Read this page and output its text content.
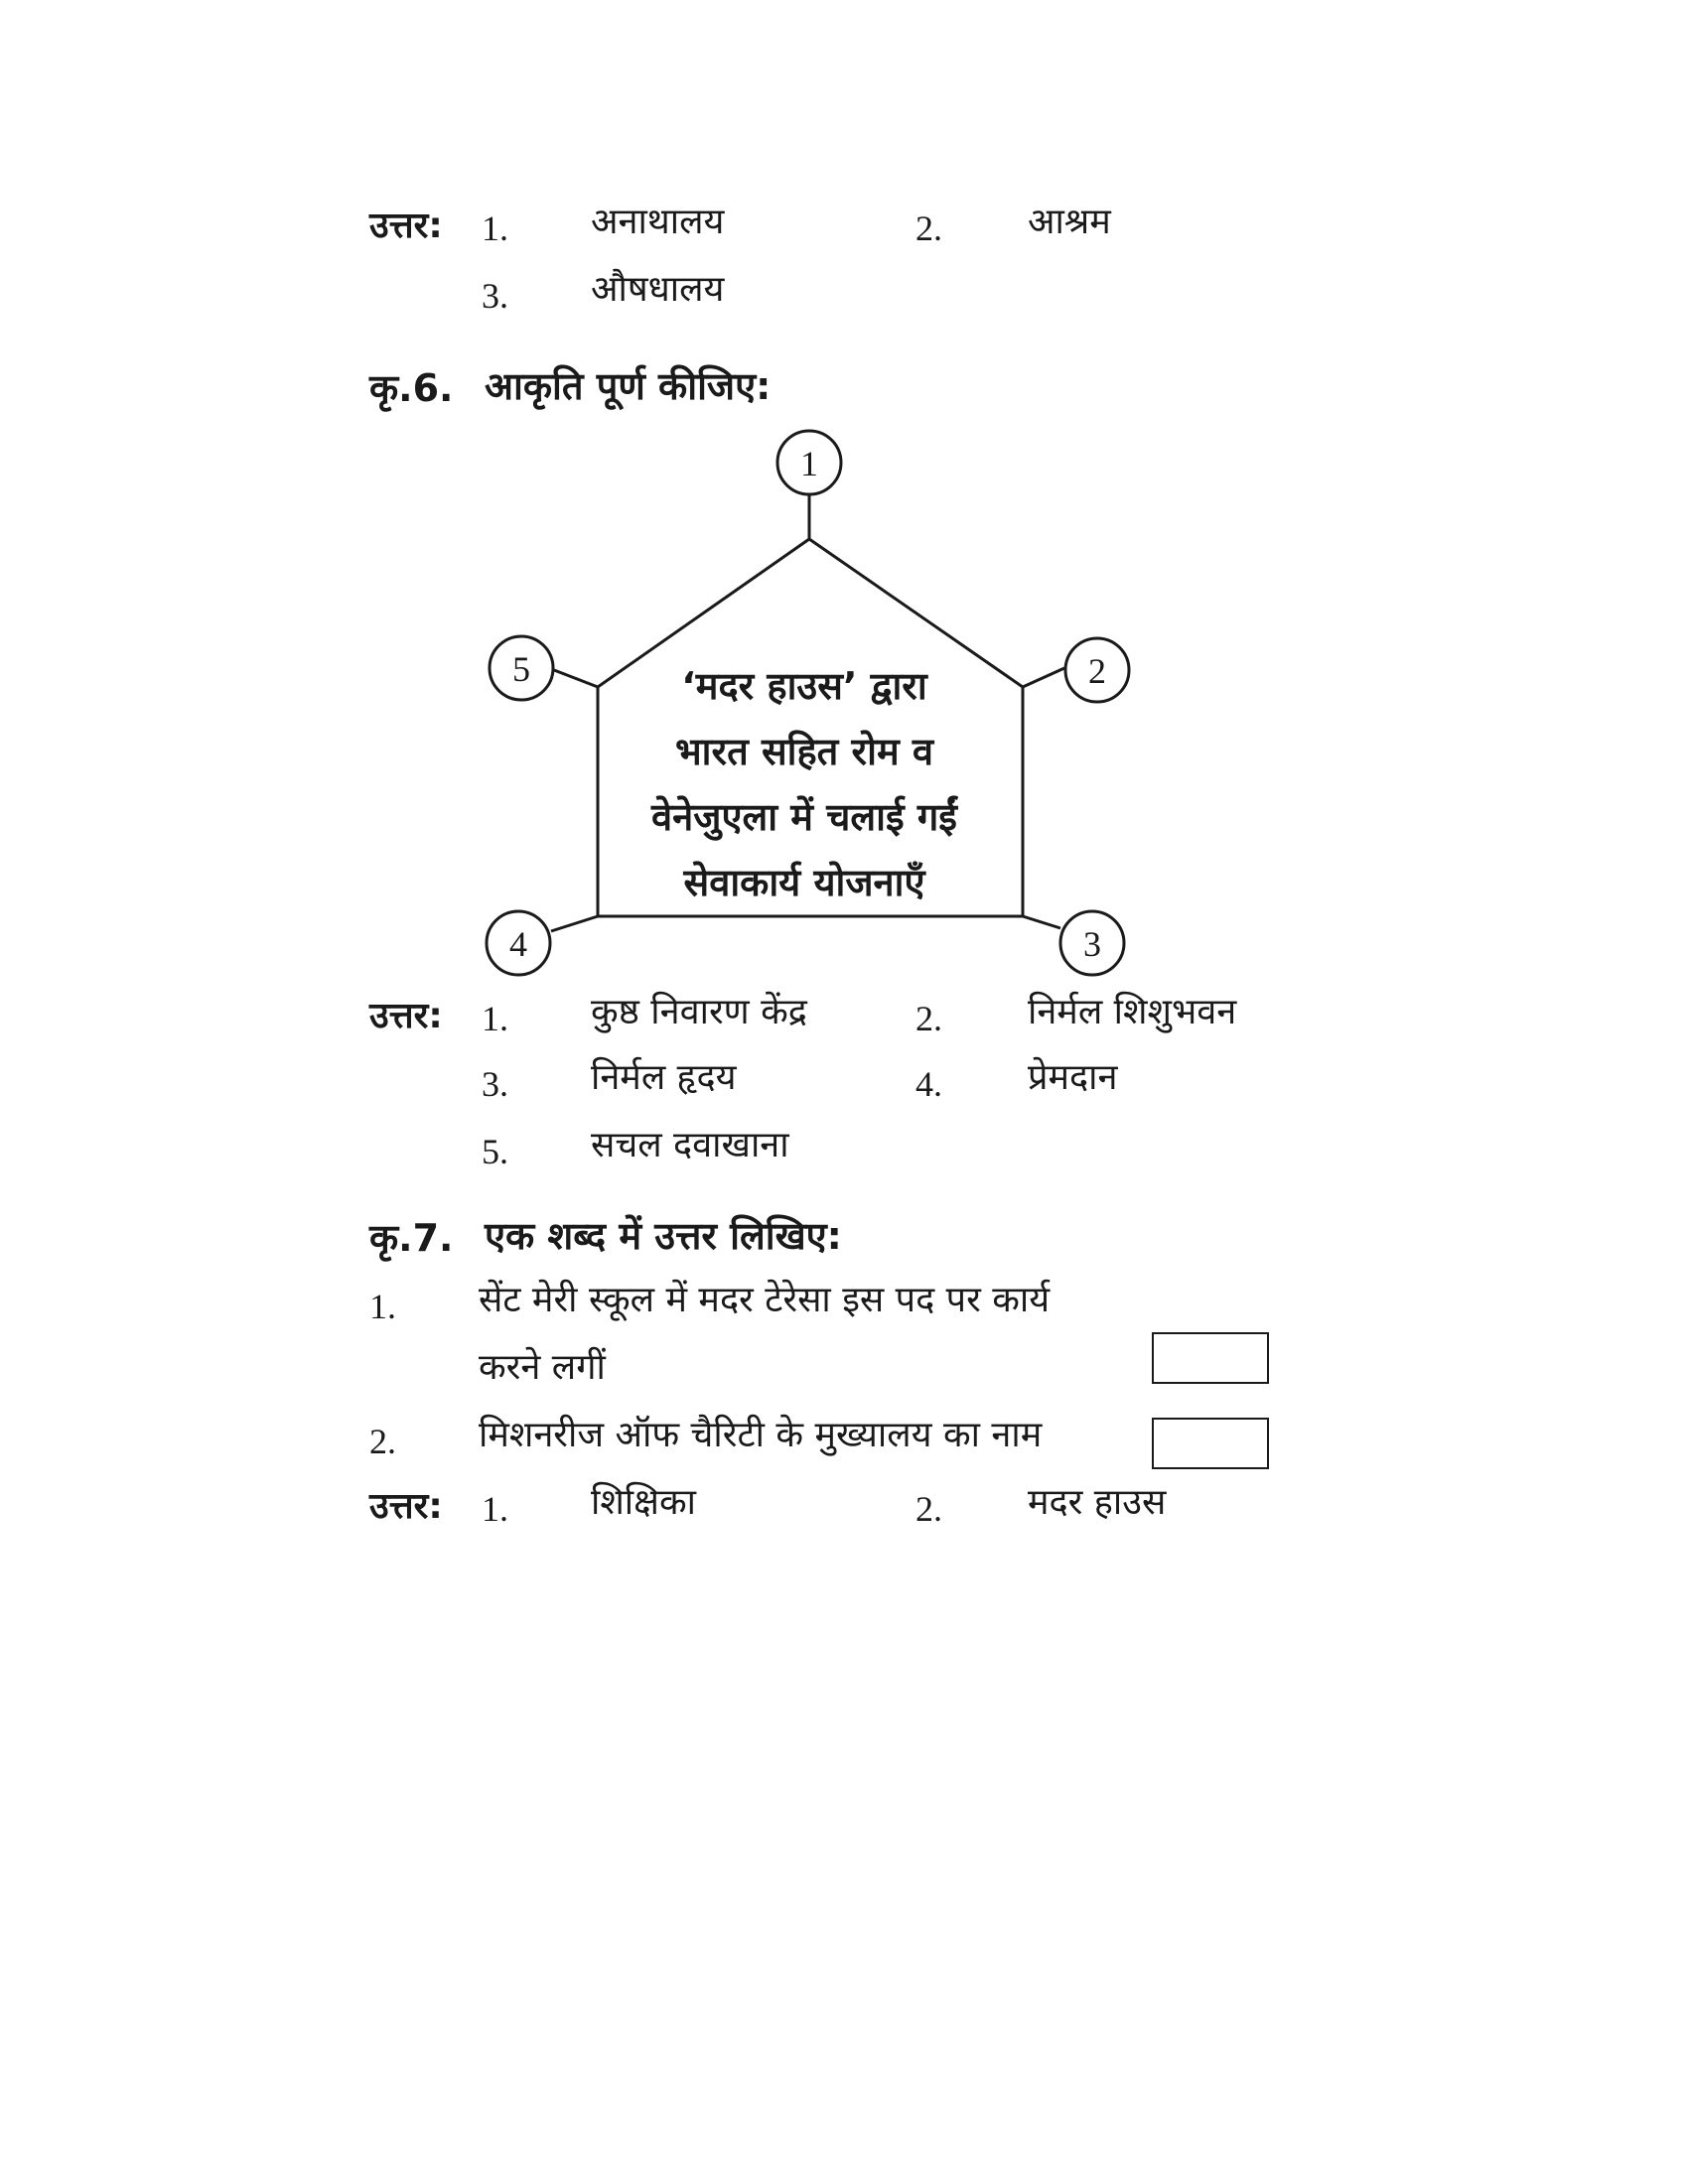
उत्तर: 1. अनाथालय	2. आश्रम
3. औषधालय
कृ.6. आकृति पूर्ण कीजिए:
1
2
3
4
5	‘मदर हाउस’ द्वारा
भारत सहित रोम व
वेनेजुएला में चलाई गईं
सेवाकार्य योजनाएँ
उत्तर: 1. कुष्ठ निवारण केंद्र	2. निर्मल शिशुभवन
3. निर्मल हृदय	4. प्रेमदान
5. सचल दवाखाना
कृ.7. एक शब्द में उत्तर लिखिए:
1. सेंट मेरी स्कूल में मदर टेरेसा इस पद पर कार्य
करने लगीं
2. मिशनरीज ऑफ चैरिटी के मुख्यालय का नाम
उत्तर: 1. शिक्षिका	2. मदर हाउस
